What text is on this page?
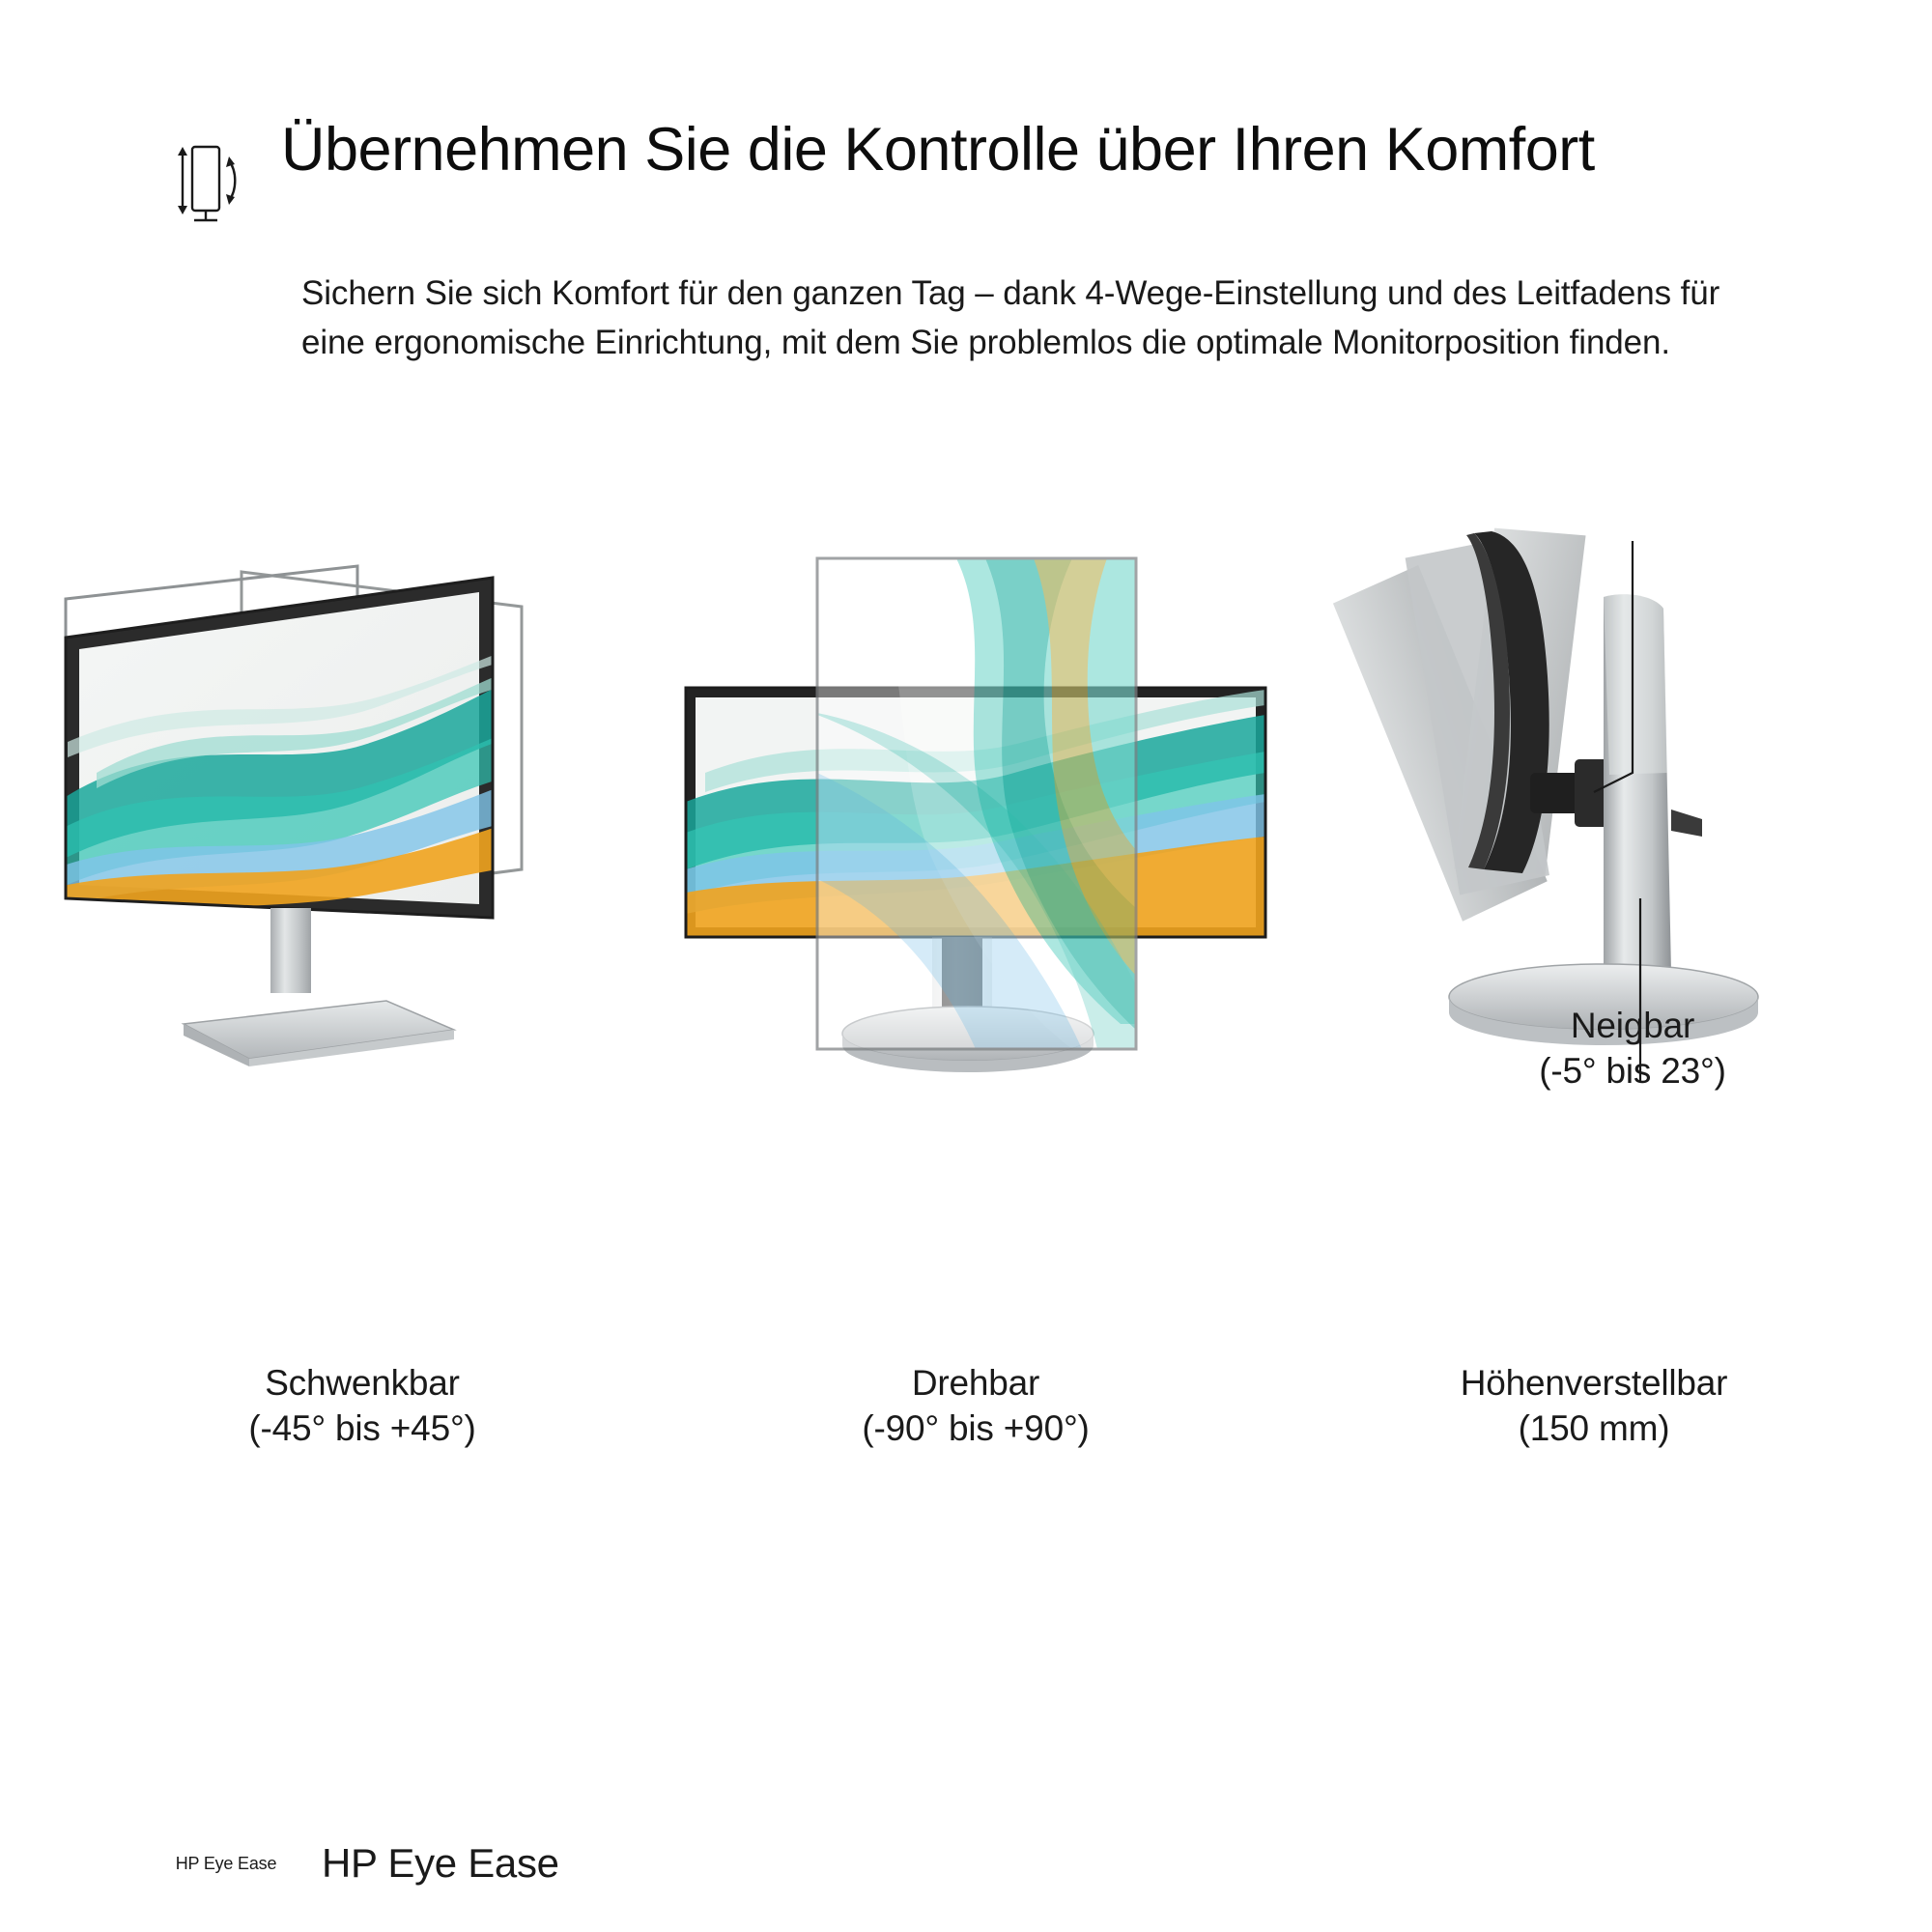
Übernehmen Sie die Kontrolle über Ihren Komfort
Sichern Sie sich Komfort für den ganzen Tag – dank 4-Wege-Einstellung und des Leitfadens für eine ergonomische Einrichtung, mit dem Sie problemlos die optimale Monitorposition finden.
Schwenkbar
(-45° bis +45°)
Drehbar
(-90° bis +90°)
Höhenverstellbar
(150 mm)
Neigbar
(-5° bis 23°)
HP Eye Ease HP Eye Ease
